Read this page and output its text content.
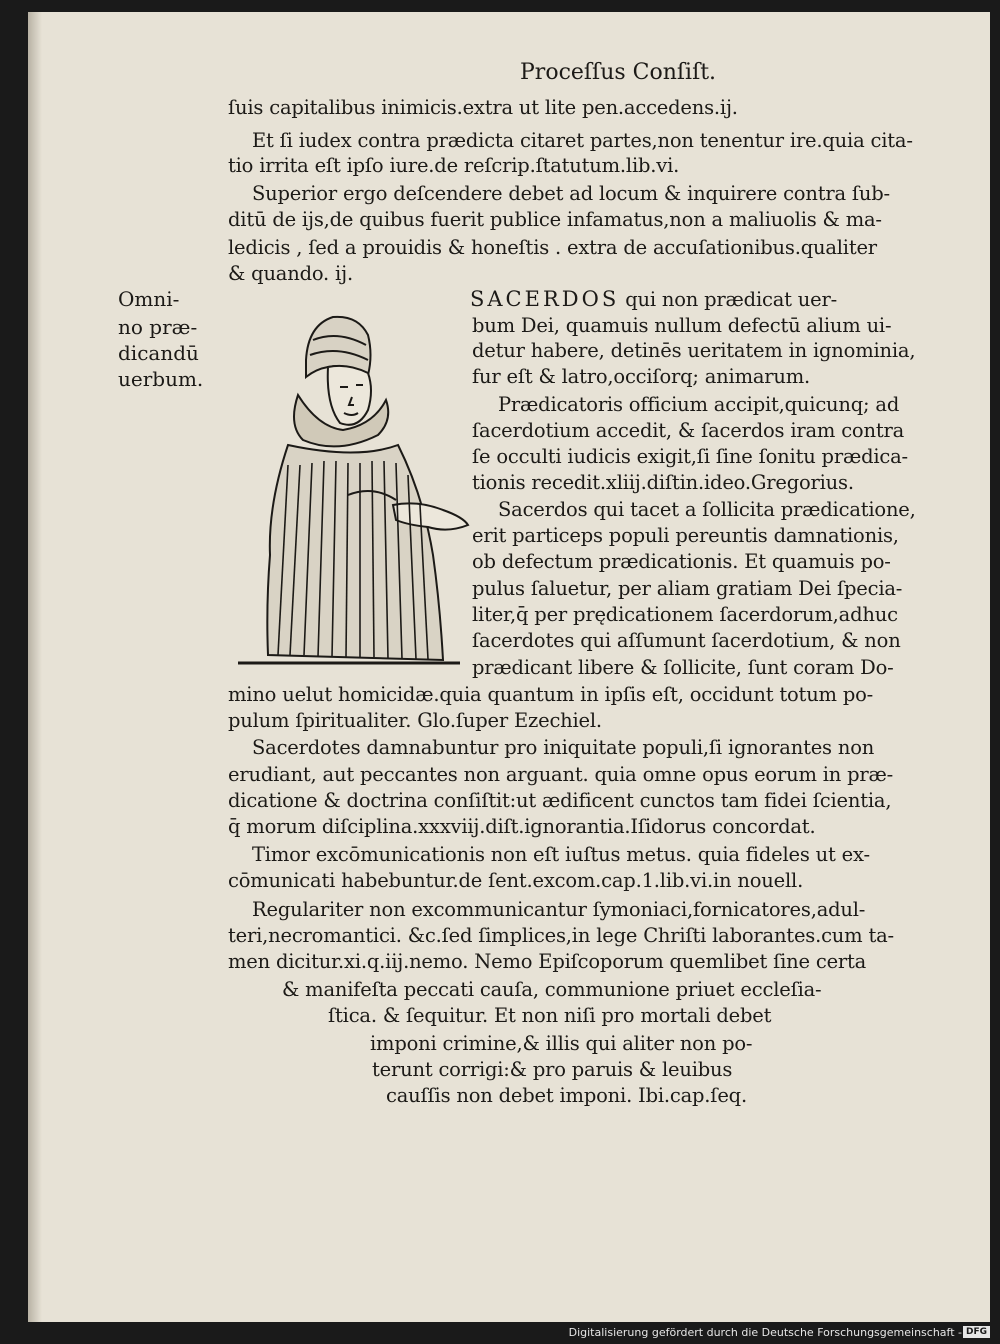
Proceſſus Conſiſt.
ſuis capitalibus inimicis.extra ut lite pen.accedens.ij.
Et ſi iudex contra prædicta citaret partes,non tenentur ire.quia cita-
tio irrita eſt ipſo iure.de reſcrip.ſtatutum.lib.vi.
Superior ergo deſcendere debet ad locum & inquirere contra ſub-
ditū de ijs,de quibus fuerit publice infamatus,non a maliuolis & ma-
ledicis , ſed a prouidis & honeſtis . extra de accuſationibus.qualiter
& quando. ij.
Omni-
no præ-
dicandū
uerbum.
SACERDOS qui non prædicat uer-
bum Dei, quamuis nullum defectū alium ui-
detur habere, detinēs ueritatem in ignominia,
fur eſt & latro,occiſorq; animarum.
Prædicatoris officium accipit,quicunq; ad
ſacerdotium accedit, & ſacerdos iram contra
ſe occulti iudicis exigit,ſi ſine ſonitu prædica-
tionis recedit.xliij.diſtin.ideo.Gregorius.
Sacerdos qui tacet a ſollicita prædicatione,
erit particeps populi pereuntis damnationis,
ob defectum prædicationis. Et quamuis po-
pulus ſaluetur, per aliam gratiam Dei ſpecia-
liter,q̄ per prędicationem ſacerdorum,adhuc
ſacerdotes qui aſſumunt ſacerdotium, & non
prædicant libere & ſollicite, ſunt coram Do-
mino uelut homicidæ.quia quantum in ipſis eſt, occidunt totum po-
pulum ſpiritualiter. Glo.ſuper Ezechiel.
Sacerdotes damnabuntur pro iniquitate populi,ſi ignorantes non
erudiant, aut peccantes non arguant. quia omne opus eorum in præ-
dicatione & doctrina conſiſtit:ut ædificent cunctos tam fidei ſcientia,
q̄ morum diſciplina.xxxviij.diſt.ignorantia.Iſidorus concordat.
Timor excōmunicationis non eſt iuſtus metus. quia fideles ut ex-
cōmunicati habebuntur.de ſent.excom.cap.1.lib.vi.in nouell.
Regulariter non excommunicantur ſymoniaci,fornicatores,adul-
teri,necromantici. &c.ſed ſimplices,in lege Chriſti laborantes.cum ta-
men dicitur.xi.q.iij.nemo. Nemo Epiſcoporum quemlibet ſine certa
& manifeſta peccati cauſa, communione priuet eccleſia-
ſtica. & ſequitur. Et non niſi pro mortali debet
imponi crimine,& illis qui aliter non po-
terunt corrigi:& pro paruis & leuibus
cauſſis non debet imponi. Ibi.cap.ſeq.
Digitalisierung gefördert durch die Deutsche Forschungsgemeinschaft - DFG
